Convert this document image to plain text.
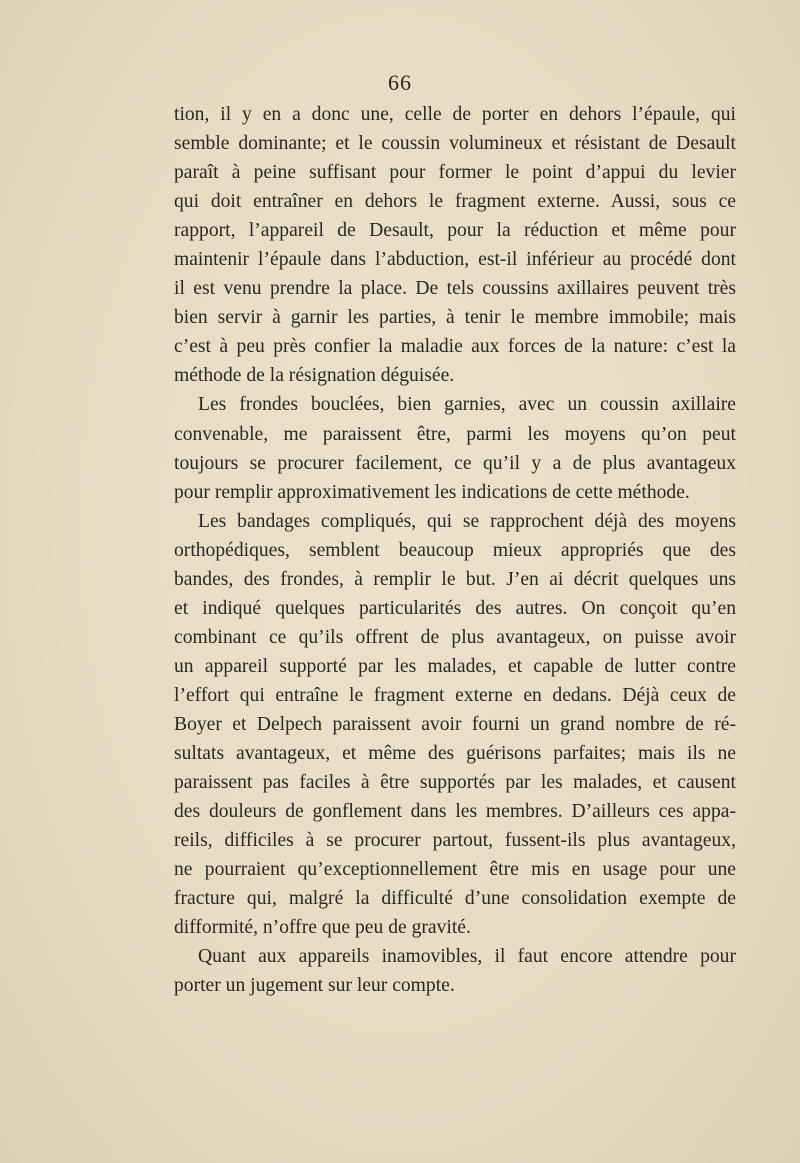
66
tion, il y en a donc une, celle de porter en dehors l’épaule, qui
semble dominante; et le coussin volumineux et résistant de Desault
paraît à peine suffisant pour former le point d’appui du levier
qui doit entraîner en dehors le fragment externe. Aussi, sous ce
rapport, l’appareil de Desault, pour la réduction et même pour
maintenir l’épaule dans l’abduction, est-il inférieur au procédé dont
il est venu prendre la place. De tels coussins axillaires peuvent très
bien servir à garnir les parties, à tenir le membre immobile; mais
c’est à peu près confier la maladie aux forces de la nature: c’est la
méthode de la résignation déguisée.
Les frondes bouclées, bien garnies, avec un coussin axillaire
convenable, me paraissent être, parmi les moyens qu’on peut
toujours se procurer facilement, ce qu’il y a de plus avantageux
pour remplir approximativement les indications de cette méthode.
Les bandages compliqués, qui se rapprochent déjà des moyens
orthopédiques, semblent beaucoup mieux appropriés que des
bandes, des frondes, à remplir le but. J’en ai décrit quelques uns
et indiqué quelques particularités des autres. On conçoit qu’en
combinant ce qu’ils offrent de plus avantageux, on puisse avoir
un appareil supporté par les malades, et capable de lutter contre
l’effort qui entraîne le fragment externe en dedans. Déjà ceux de
Boyer et Delpech paraissent avoir fourni un grand nombre de ré-
sultats avantageux, et même des guérisons parfaites; mais ils ne
paraissent pas faciles à être supportés par les malades, et causent
des douleurs de gonflement dans les membres. D’ailleurs ces appa-
reils, difficiles à se procurer partout, fussent-ils plus avantageux,
ne pourraient qu’exceptionnellement être mis en usage pour une
fracture qui, malgré la difficulté d’une consolidation exempte de
difformité, n’offre que peu de gravité.
Quant aux appareils inamovibles, il faut encore attendre pour
porter un jugement sur leur compte.
